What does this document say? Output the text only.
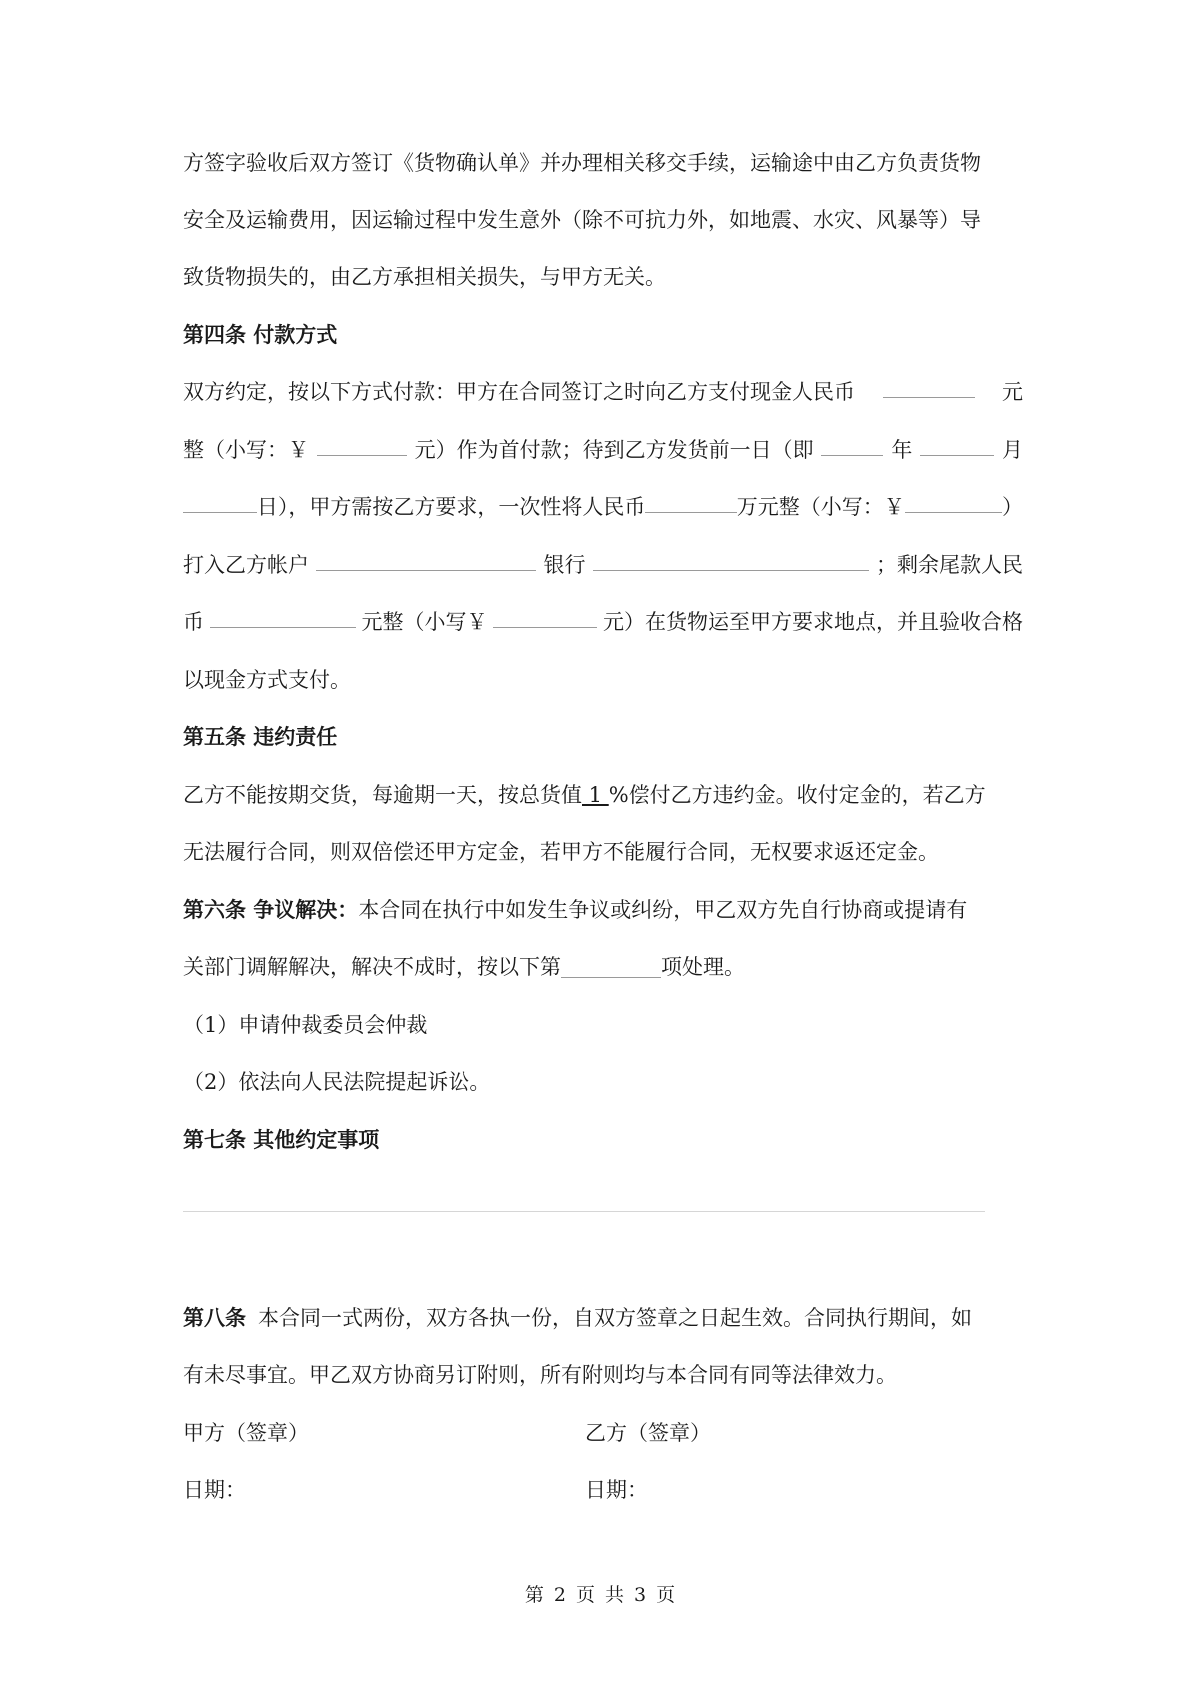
方签字验收后双方签订《货物确认单》并办理相关移交手续，运输途中由乙方负责货物
安全及运输费用，因运输过程中发生意外（除不可抗力外，如地震、水灾、风暴等）导
致货物损失的，由乙方承担相关损失，与甲方无关。
第四条 付款方式
双方约定，按以下方式付款：甲方在合同签订之时向乙方支付现金人民币	元
整（小写：￥	元）作为首付款；待到乙方发货前一日（即	年	月
日），甲方需按乙方要求，一次性将人民币	万元整（小写：￥	）
打入乙方帐户	银行	；剩余尾款人民
币	元整（小写￥	元）在货物运至甲方要求地点，并且验收合格
以现金方式支付。
第五条 违约责任
乙方不能按期交货，每逾期一天，按总货值 1 %偿付乙方违约金。收付定金的，若乙方
无法履行合同，则双倍偿还甲方定金，若甲方不能履行合同，无权要求返还定金。
第六条 争议解决：本合同在执行中如发生争议或纠纷，甲乙双方先自行协商或提请有
关部门调解解决，解决不成时，按以下第	项处理。
（1）申请仲裁委员会仲裁
（2）依法向人民法院提起诉讼。
第七条 其他约定事项
第八条 本合同一式两份，双方各执一份，自双方签章之日起生效。合同执行期间，如
有未尽事宜。甲乙双方协商另订附则，所有附则均与本合同有同等法律效力。
甲方（签章）	乙方（签章）
日期：	日期：
第 2 页 共 3 页
